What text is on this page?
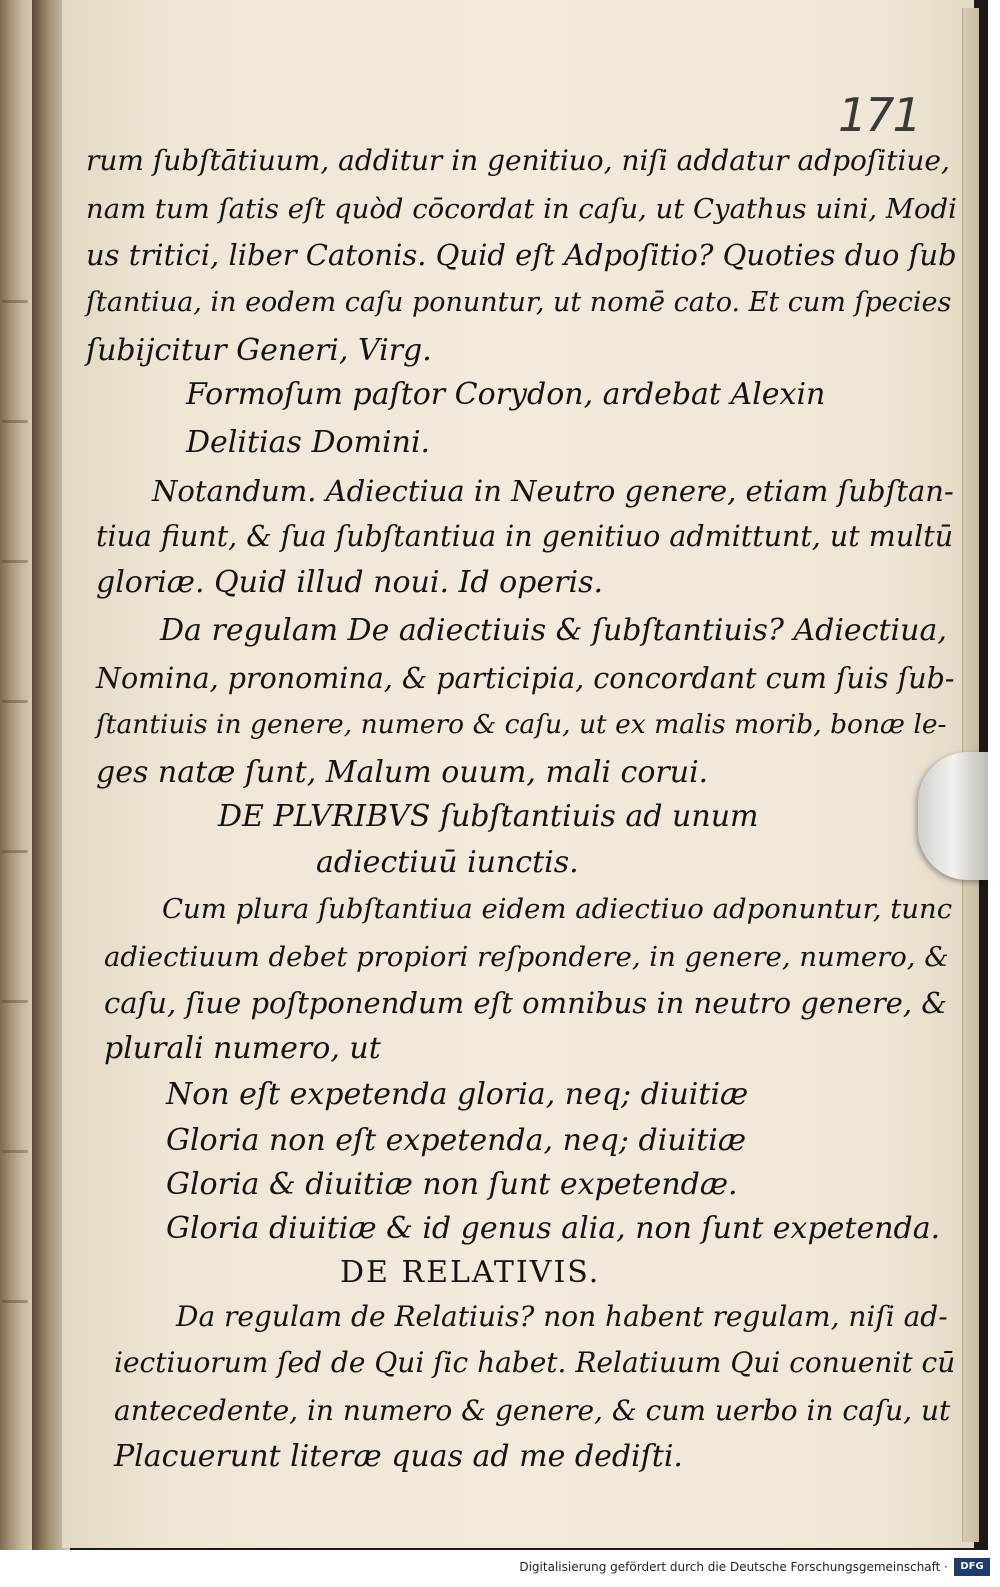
171
rum ſubſtātiuum, additur in genitiuo, niſi addatur adpoſitiue,
nam tum ſatis eſt quòd cōcordat in caſu, ut Cyathus uini, Modi
us tritici, liber Catonis. Quid eſt Adpoſitio? Quoties duo ſub
ſtantiua, in eodem caſu ponuntur, ut nomē cato. Et cum ſpecies
ſubijcitur Generi, Virg.
Formoſum paſtor Corydon, ardebat Alexin
Delitias Domini.
Notandum. Adiectiua in Neutro genere, etiam ſubſtan-
tiua fiunt, & ſua ſubſtantiua in genitiuo admittunt, ut multū
gloriæ. Quid illud noui. Id operis.
Da regulam De adiectiuis & ſubſtantiuis? Adiectiua,
Nomina, pronomina, & participia, concordant cum ſuis ſub-
ſtantiuis in genere, numero & caſu, ut ex malis morib, bonæ le-
ges natæ ſunt, Malum ouum, mali corui.
DE PLVRIBVS ſubſtantiuis ad unum
adiectiuū iunctis.
Cum plura ſubſtantiua eidem adiectiuo adponuntur, tunc
adiectiuum debet propiori reſpondere, in genere, numero, &
caſu, ſiue poſtponendum eſt omnibus in neutro genere, &
plurali numero, ut
Non eſt expetenda gloria, neq; diuitiæ
Gloria non eſt expetenda, neq; diuitiæ
Gloria & diuitiæ non ſunt expetendæ.
Gloria diuitiæ & id genus alia, non ſunt expetenda.
DE RELATIVIS.
Da regulam de Relatiuis? non habent regulam, niſi ad-
iectiuorum ſed de Qui ſic habet. Relatiuum Qui conuenit cū
antecedente, in numero & genere, & cum uerbo in caſu, ut
Placuerunt literæ quas ad me dediſti.
Digitalisierung gefördert durch die Deutsche Forschungsgemeinschaft ·	DFG
